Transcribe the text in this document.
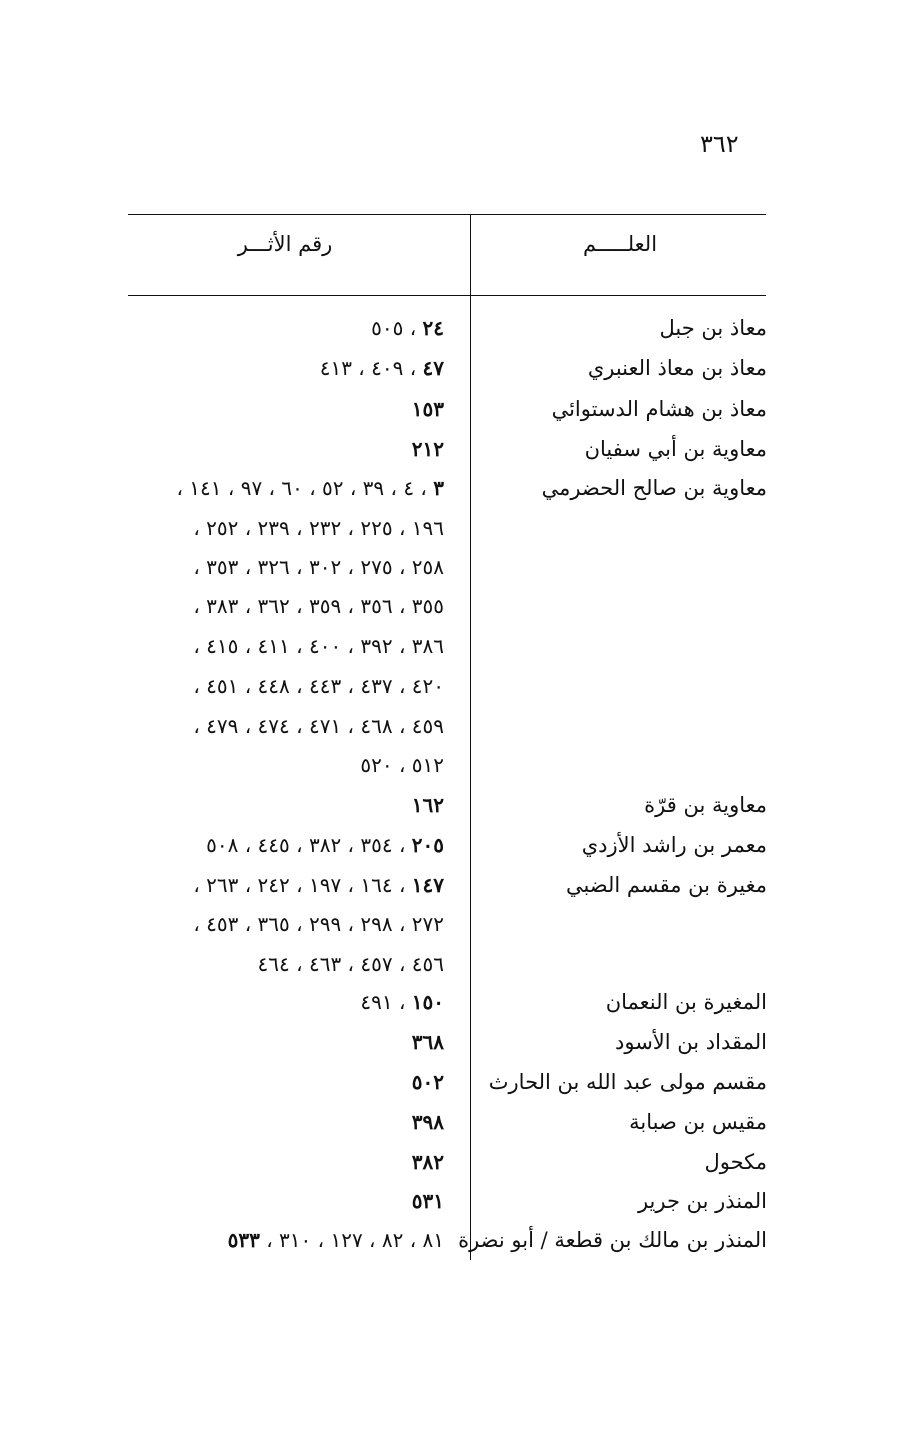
٣٦٢
العلـــــم
رقم الأثـــر
معاذ بن جبل
٢٤ ، ٥٠٥
معاذ بن معاذ العنبري
٤٧ ، ٤٠٩ ، ٤١٣
معاذ بن هشام الدستوائي
١٥٣
معاوية بن أبي سفيان
٢١٢
معاوية بن صالح الحضرمي
٣ ، ٤ ، ٣٩ ، ٥٢ ، ٦٠ ، ٩٧ ، ١٤١ ،
١٩٦ ، ٢٢٥ ، ٢٣٢ ، ٢٣٩ ، ٢٥٢ ،
٢٥٨ ، ٢٧٥ ، ٣٠٢ ، ٣٢٦ ، ٣٥٣ ،
٣٥٥ ، ٣٥٦ ، ٣٥٩ ، ٣٦٢ ، ٣٨٣ ،
٣٨٦ ، ٣٩٢ ، ٤٠٠ ، ٤١١ ، ٤١٥ ،
٤٢٠ ، ٤٣٧ ، ٤٤٣ ، ٤٤٨ ، ٤٥١ ،
٤٥٩ ، ٤٦٨ ، ٤٧١ ، ٤٧٤ ، ٤٧٩ ،
٥١٢ ، ٥٢٠
معاوية بن قرّة
١٦٢
معمر بن راشد الأزدي
٢٠٥ ، ٣٥٤ ، ٣٨٢ ، ٤٤٥ ، ٥٠٨
مغيرة بن مقسم الضبي
١٤٧ ، ١٦٤ ، ١٩٧ ، ٢٤٢ ، ٢٦٣ ،
٢٧٢ ، ٢٩٨ ، ٢٩٩ ، ٣٦٥ ، ٤٥٣ ،
٤٥٦ ، ٤٥٧ ، ٤٦٣ ، ٤٦٤
المغيرة بن النعمان
١٥٠ ، ٤٩١
المقداد بن الأسود
٣٦٨
مقسم مولى عبد الله بن الحارث
٥٠٢
مقيس بن صبابة
٣٩٨
مكحول
٣٨٢
المنذر بن جرير
٥٣١
المنذر بن مالك بن قطعة / أبو نضرة
٨١ ، ٨٢ ، ١٢٧ ، ٣١٠ ، ٥٣٣
